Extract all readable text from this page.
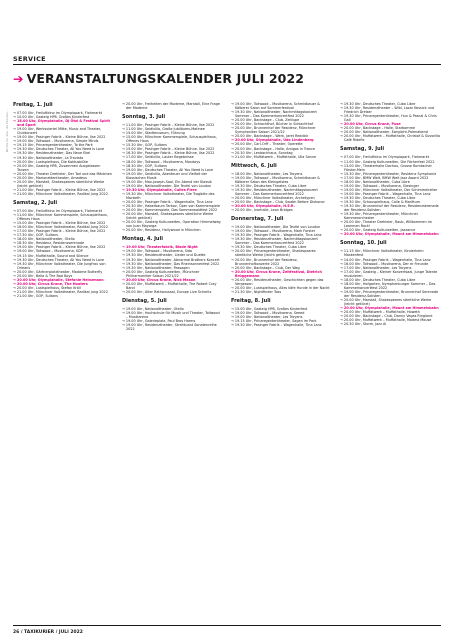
Nichts für alle, die Hunden...
SERVICE
➔ VERANSTALTUNGSKALENDER JULI 2022
Freitag, 1. Juli
→ 07.00 Uhr, Freiluftkino im Olympiapark, Flohmarkt
→ 10.00 Uhr, Gasteig HP8, Großes Kinderfest
→ 18.00 Uhr, Olympiahalle, DJ Ötzi & Festival Spirit and Sport
→ 19.00 Uhr, Werksviertel Mitte, Music and Theater, Clubkonzert
→ 19.00 Uhr, Pasinger Fabrik – Kleine Bühne, Ilse 2022
→ 19.00 Uhr, Tollwood – Musikarena, Simple Minds
→ 19.15 Uhr, Prinzregententheater, To the Park
→ 19.30 Uhr, Deutsches Theater, All You Need Is Love
→ 19.30 Uhr, Residenztheater, Das Neue Ekel
→ 19.30 Uhr, Nationaltheater, La Traviata
→ 20.00 Uhr, Lustspielhaus, Die Kaktusblüte
→ 20.00 Uhr, Gasteig HP8, Zusammen Ausgelassen Tanzen
→ 20.00 Uhr, Theater Drehleier, Der Tod und das Mädchen
→ 20.00 Uhr, Marionettentheater, Amadeus
→ 20.00 Uhr, Marstall, Shakespeares sämtliche Werke (leicht gekürzt)
→ 21.00 Uhr, Pasinger Fabrik – Kleine Bühne, Ilse 2022
→ 21.00 Uhr, Münchner Volkstheater, Radikal Jung 2022
Samstag, 2. Juli
→ 07.00 Uhr, Freiluftkino im Olympiapark, Flohmarkt
→ 11.00 Uhr, Münchner Kammerspiele, Schauspielhaus, Offenes Haus
→ 15.00 Uhr, Pasinger Fabrik – Kleine Bühne, Ilse 2022
→ 16.00 Uhr, Münchner Volkstheater, Radikal Jung 2022
→ 17.00 Uhr, Pasinger Fabrik – Kleine Bühne, Ilse 2022
→ 17.30 Uhr, GOP, Sultans
→ 18.00 Uhr, Nationaltheater, Otello
→ 18.30 Uhr, Residenz, Residenzserenade
→ 19.00 Uhr, Pasinger Fabrik – Kleine Bühne, Ilse 2022
→ 19.00 Uhr, Tollwood – Musikarena, SDP
→ 19.15 Uhr, Muffathalle, Sound and Silence
→ 19.30 Uhr, Deutsches Theater, All You Need Is Love
→ 19.30 Uhr, Münchner Volkstheater, Die Jungfrau von Orleans
→ 20.00 Uhr, Gärtnerplatztheater, Madame Butterfly
→ 20.00 Uhr, Bella & The Bad Boys
→ 20.00 Uhr, Olympiahalle, Stefanie Heinzmann
→ 20.00 Uhr, Circus Krone, The Hooters
→ 20.00 Uhr, Lustspielhaus, Stefan Kröll
→ 21.00 Uhr, Münchner Volkstheater, Radikal Jung 2022
→ 21.00 Uhr, GOP, Sultans
→ 20.00 Uhr, Freiheiten der Moderne, Marstall, Eine Frage der Moderne
Sonntag, 3. Juli
→ 11.00 Uhr, Pasinger Fabrik – Kleine Bühne, Ilse 2022
→ 11.00 Uhr, Seidlvilla, Große Jubiläums-Matinee
→ 15.00 Uhr, Stadtmuseum, Führung
→ 15.00 Uhr, Münchner Kammerspiele, Schauspielhaus, Offenes Haus
→ 15.30 Uhr, GOP, Sultans
→ 15.00 Uhr, Pasinger Fabrik – Kleine Bühne, Ilse 2022
→ 16.30 Uhr, Pasinger Fabrik – Kleine Bühne, Ilse 2022
→ 17.00 Uhr, Seidlvilla, Lauter Begebnisse
→ 18.00 Uhr, Tollwood – Musikarena, Mondays
→ 18.30 Uhr, GOP, Sultans
→ 19.00 Uhr, Deutsches Theater, All You Need Is Love
→ 19.00 Uhr, Seidlvilla, Abenteuer und Vielfalt der Klassischen Musik
→ 19.00 Uhr, Max-Joseph-Saal, Ein Abend der Klassik
→ 19.00 Uhr, Nationaltheater, Die Teufel von Loudun
→ 19.30 Uhr, Olympiahalle, Cultra Fiere
→ 19.30 Uhr, Münchner Volkstheater, Die Tragödie des Macbeth
→ 20.00 Uhr, Pasinger Fabrik – Wagenhalle, Tina Lanz
→ 20.30 Uhr, Haberbaum Tarkov, Oper von Kammerspiele
→ 20.00 Uhr, Kammerspiele, Das Sommerwaldfest 2022
→ 20.00 Uhr, Marstall, Shakespeares sämtliche Werke (leicht gekürzt)
→ 20.00 Uhr, Gasteig Kulturwelten, Operation Himmelweg von Juan Mayorga
→ 20.00 Uhr, Residenz, Hollywood in München
Montag, 4. Juli
→ 19.00 Uhr, Theaterfabrik, Blade Night
→ 19.00 Uhr, Tollwood – Musikarena, Sido
→ 19.30 Uhr, Residenztheater, Lieder und Duette
→ 19.30 Uhr, Nationaltheater, Abnormal Brothers Koncert
→ 19.30 Uhr, Nationaltheater, Das Rheinsonnenfest 2022
→ 19.30 Uhr, Nationaltheater, Passagen
→ 20.00 Uhr, Gasteig Kulturwelten, Münchner Philharmoniker Saison 2021/22
→ 20.00 Uhr, Circus Krone, Nick Mason
→ 20.00 Uhr, Muffatwerk – Muffathalle, The Robert Cray Band
→ 20.00 Uhr, Alter Rathaussaal, Europe Live Schmitz
Dienstag, 5. Juli
→ 19.00 Uhr, Nationaltheater, Otello
→ 19.00 Uhr, Hochschule für Musik und Theater, Tollwood – Musikarena
→ 19.00 Uhr, Galerieplatz, Paul Bros Harms
→ 19.00 Uhr, Residenztheater, Streitkunst Sonatenreihe 2022
→ 19.00 Uhr, Tollwood – Musikarena, Schmidbauer & Kälberer Salon auf Sommerfestival
→ 19.30 Uhr, Nationaltheater, Nachmittagskonzert Sommer – Das Kammerkoncertfest 2022
→ 20.00 Uhr, Backstage – Club, Zeitlupe
→ 20.00 Uhr, Schlachthof, Bücher in Schlachthof
→ 20.00 Uhr, Brunnenhof der Residenz, Münchner Symphoniker Saison 2021/22
→ 20.00 Uhr, Backstage – Werk, Jaret Reddick
→ 20.00 Uhr, Olympiahalle, Udo Lindenberg
→ 20.00 Uhr, Carl-Orff – Theater, Operette
→ 20.00 Uhr, Backstage – Halle, Amigos in Trance
→ 20.30 Uhr, Lenbachhaus, Sonntag
→ 21.00 Uhr, Muffatwerk – Muffathalle, Ulla Sonne
Mittwoch, 6. Juli
→ 18.00 Uhr, Nationaltheater, Les Troyens
→ 19.00 Uhr, Tollwood – Musikarena, Schmidbauer & Kälberer Salon des Kleingeistes
→ 19.30 Uhr, Deutsches Theater, Cuba Libre
→ 19.30 Uhr, Residenztheater, Nachmittagskonzert Sommer – Das Kammerkoncertfest 2022
→ 20.00 Uhr, Münchner Volkstheater, Archetypen
→ 20.00 Uhr, Backstage – Club, Swabh Before Dishonor
→ 20.00 Uhr, Olympiahalle, H.E.R.
→ 20.00 Uhr, Ivorhalle, Leon Bridges
Donnerstag, 7. Juli
→ 19.00 Uhr, Nationaltheater, Die Teufel von Loudun
→ 19.00 Uhr, Tollwood – Musikarena, Mark Forster
→ 19.30 Uhr, Pasinger Fabrik – Wagenhalle, Tina Lanz
→ 19.30 Uhr, Residenztheater, Nachmittagskonzert Sommer – Das Kammerkoncertfest 2022
→ 19.30 Uhr, Deutsches Theater, Cuba Libre
→ 20.00 Uhr, Prinzregententheater, Shakespeares sämtliche Werke (leicht gekürzt)
→ 20.00 Uhr, Brunnenhof der Residenz, Brunnenhofkonzerte 2022
→ 20.00 Uhr, Backstage – Club, Der Weg
→ 20.00 Uhr, Circus Krone, Zeltfestival, Dietrich Brüggemann
→ 20.00 Uhr, Residenztheater, Geschichten gegen das Vergessen
→ 20.00 Uhr, Lustspielhaus, Alles käfe Hunde in der Nacht
→ 21.30 Uhr, Nightfinder Toss
Freitag, 8. Juli
→ 15.00 Uhr, Gasteig HP8, Großes Kinderfest
→ 19.00 Uhr, Tollwood – Musikarena, Seeed
→ 19.00 Uhr, Nationaltheater, Les Troyens
→ 19.15 Uhr, Prinzregententheater, Sagen im Park
→ 19.30 Uhr, Pasinger Fabrik – Wagenhalle, Tina Lanz
→ 19.30 Uhr, Deutsches Theater, Cuba Libre
→ 19.30 Uhr, Residenztheater – Wild, Lazar Kessick und Friedrich Dreiser
→ 19.30 Uhr, Prinzregententheater, Hun & Pascal & Chris Gall
→ 20.00 Uhr, Circus Krone, Puse
→ 20.00 Uhr, Backstage – Halle, Starbomme
→ 20.00 Uhr, Nationaltheater, Ewiglicht-Polenabend
→ 20.00 Uhr, Muffatwerk – Muffathalle, Christof & Sizzorilla Café Ridefix
Samstag, 9. Juli
→ 07.00 Uhr, Freiluftkino im Olympiapark, Flohmarkt
→ 11.00 Uhr, Gasteig Kulturwelten, Die Fächerfest 2022
→ 13.00 Uhr, Theaterhalle Dachau, Grosse Borntacher Förster-Mein
→ 15.30 Uhr, Prinzregententheater, Residenz Symphonie
→ 17.00 Uhr, BMW Welt, BMW Welt Jazz Award 2022
→ 18.00 Uhr, Nationaltheater, Cuba Libre
→ 19.00 Uhr, Tollwood – Musikarena, Giesinger
→ 19.00 Uhr, Münchner Volkstheater, Der Schimmelreiter
→ 19.00 Uhr, Pasinger Fabrik – Wagenhalle, Tina Lanz
→ 19.30 Uhr, Deutsches Theater, Cuba Libre
→ 19.30 Uhr, Schauspielhaus, Calle & Marittum
→ 19.30 Uhr, Brunnenhof der Residenz, Residenzserenade der Residenz-Solisten
→ 19.30 Uhr, Prinzregententheater, Münchner Kammerorchester
→ 20.00 Uhr, Theater Drehleier, Raub, Willkommen im Leanmen Rock!
→ 20.00 Uhr, Gasteig Kulturwelten, Jazzance
→ 20.00 Uhr, Olympiahalle, Mount am Himmelsbahn
Sonntag, 10. Juli
→ 11.15 Uhr, Münchner Volkstheater, Kinderheim Maskenfest
→ 14.00 Uhr, Pasinger Fabrik – Wagenhalle, Tina Lanz
→ 16.00 Uhr, Tollwood – Musikarena, Der er Freunde
→ 17.00 Uhr, Nationaltheater, Les Troyens
→ 17.00 Uhr, Gasteig – Kleiner Konzertsaal, Junge Talente musizieren
→ 18.00 Uhr, Deutsches Theater, Cuba Libre
→ 18.00 Uhr, Hofgarten, Nymphenburger Sommer – Das Kammerkoncertfest 2022
→ 19.00 Uhr, Prinzregententheater, Brunnenhof Serenade der Residenz-Solisten
→ 20.00 Uhr, Marstall, Shakespeares sämtliche Werke (leicht gekürzt)
→ 20.00 Uhr, Olympiahalle, Mount am Himmelsbahn
→ 20.00 Uhr, Muffatwerk – Muffathalle, Howeth
→ 20.00 Uhr, Backstage – Club, Danny Vegas Ringland
→ 20.00 Uhr, Muffatwerk – Muffathalle, Modest Mouse
→ 20.30 Uhr, Storm, Jazz Ai
26 / TAXIKURIER / JULI 2022
